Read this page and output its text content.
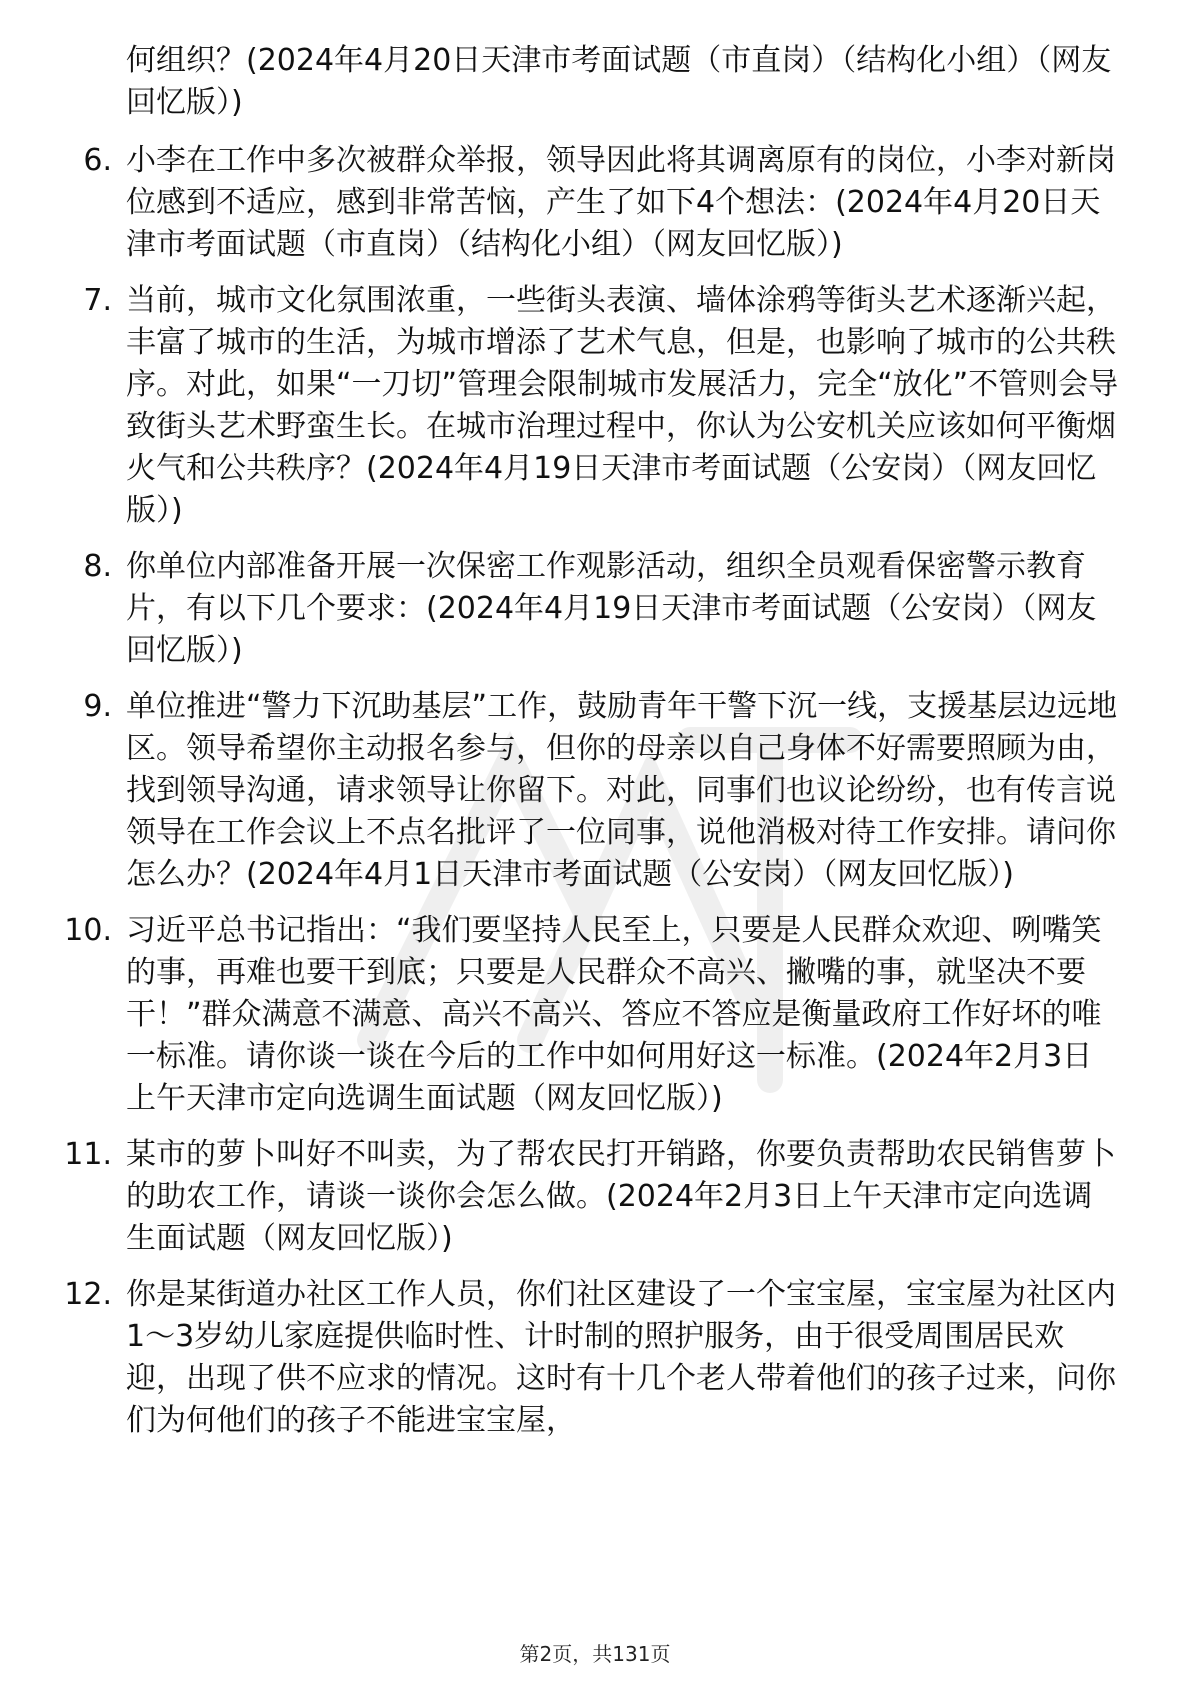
何组织？(2024年4月20日天津市考面试题（市直岗）（结构化小组）（网友回忆版）)
6. 小李在工作中多次被群众举报，领导因此将其调离原有的岗位，小李对新岗位感到不适应，感到非常苦恼，产生了如下4个想法：(2024年4月20日天津市考面试题（市直岗）（结构化小组）（网友回忆版）)
7. 当前，城市文化氛围浓重，一些街头表演、墙体涂鸦等街头艺术逐渐兴起，丰富了城市的生活，为城市增添了艺术气息，但是，也影响了城市的公共秩序。对此，如果“一刀切”管理会限制城市发展活力，完全“放化”不管则会导致街头艺术野蛮生长。在城市治理过程中，你认为公安机关应该如何平衡烟火气和公共秩序？(2024年4月19日天津市考面试题（公安岗）（网友回忆版）)
8. 你单位内部准备开展一次保密工作观影活动，组织全员观看保密警示教育片，有以下几个要求：(2024年4月19日天津市考面试题（公安岗）（网友回忆版）)
9. 单位推进“警力下沉助基层”工作，鼓励青年干警下沉一线，支援基层边远地区。领导希望你主动报名参与，但你的母亲以自己身体不好需要照顾为由，找到领导沟通，请求领导让你留下。对此，同事们也议论纷纷，也有传言说领导在工作会议上不点名批评了一位同事，说他消极对待工作安排。请问你怎么办？(2024年4月1日天津市考面试题（公安岗）（网友回忆版）)
10. 习近平总书记指出：“我们要坚持人民至上，只要是人民群众欢迎、咧嘴笑的事，再难也要干到底；只要是人民群众不高兴、撇嘴的事，就坚决不要干！”群众满意不满意、高兴不高兴、答应不答应是衡量政府工作好坏的唯一标准。请你谈一谈在今后的工作中如何用好这一标准。(2024年2月3日上午天津市定向选调生面试题（网友回忆版）)
11. 某市的萝卜叫好不叫卖，为了帮农民打开销路，你要负责帮助农民销售萝卜的助农工作，请谈一谈你会怎么做。(2024年2月3日上午天津市定向选调生面试题（网友回忆版）)
12. 你是某街道办社区工作人员，你们社区建设了一个宝宝屋，宝宝屋为社区内1～3岁幼儿家庭提供临时性、计时制的照护服务，由于很受周围居民欢迎，出现了供不应求的情况。这时有十几个老人带着他们的孩子过来，问你们为何他们的孩子不能进宝宝屋，
第2页，共131页
